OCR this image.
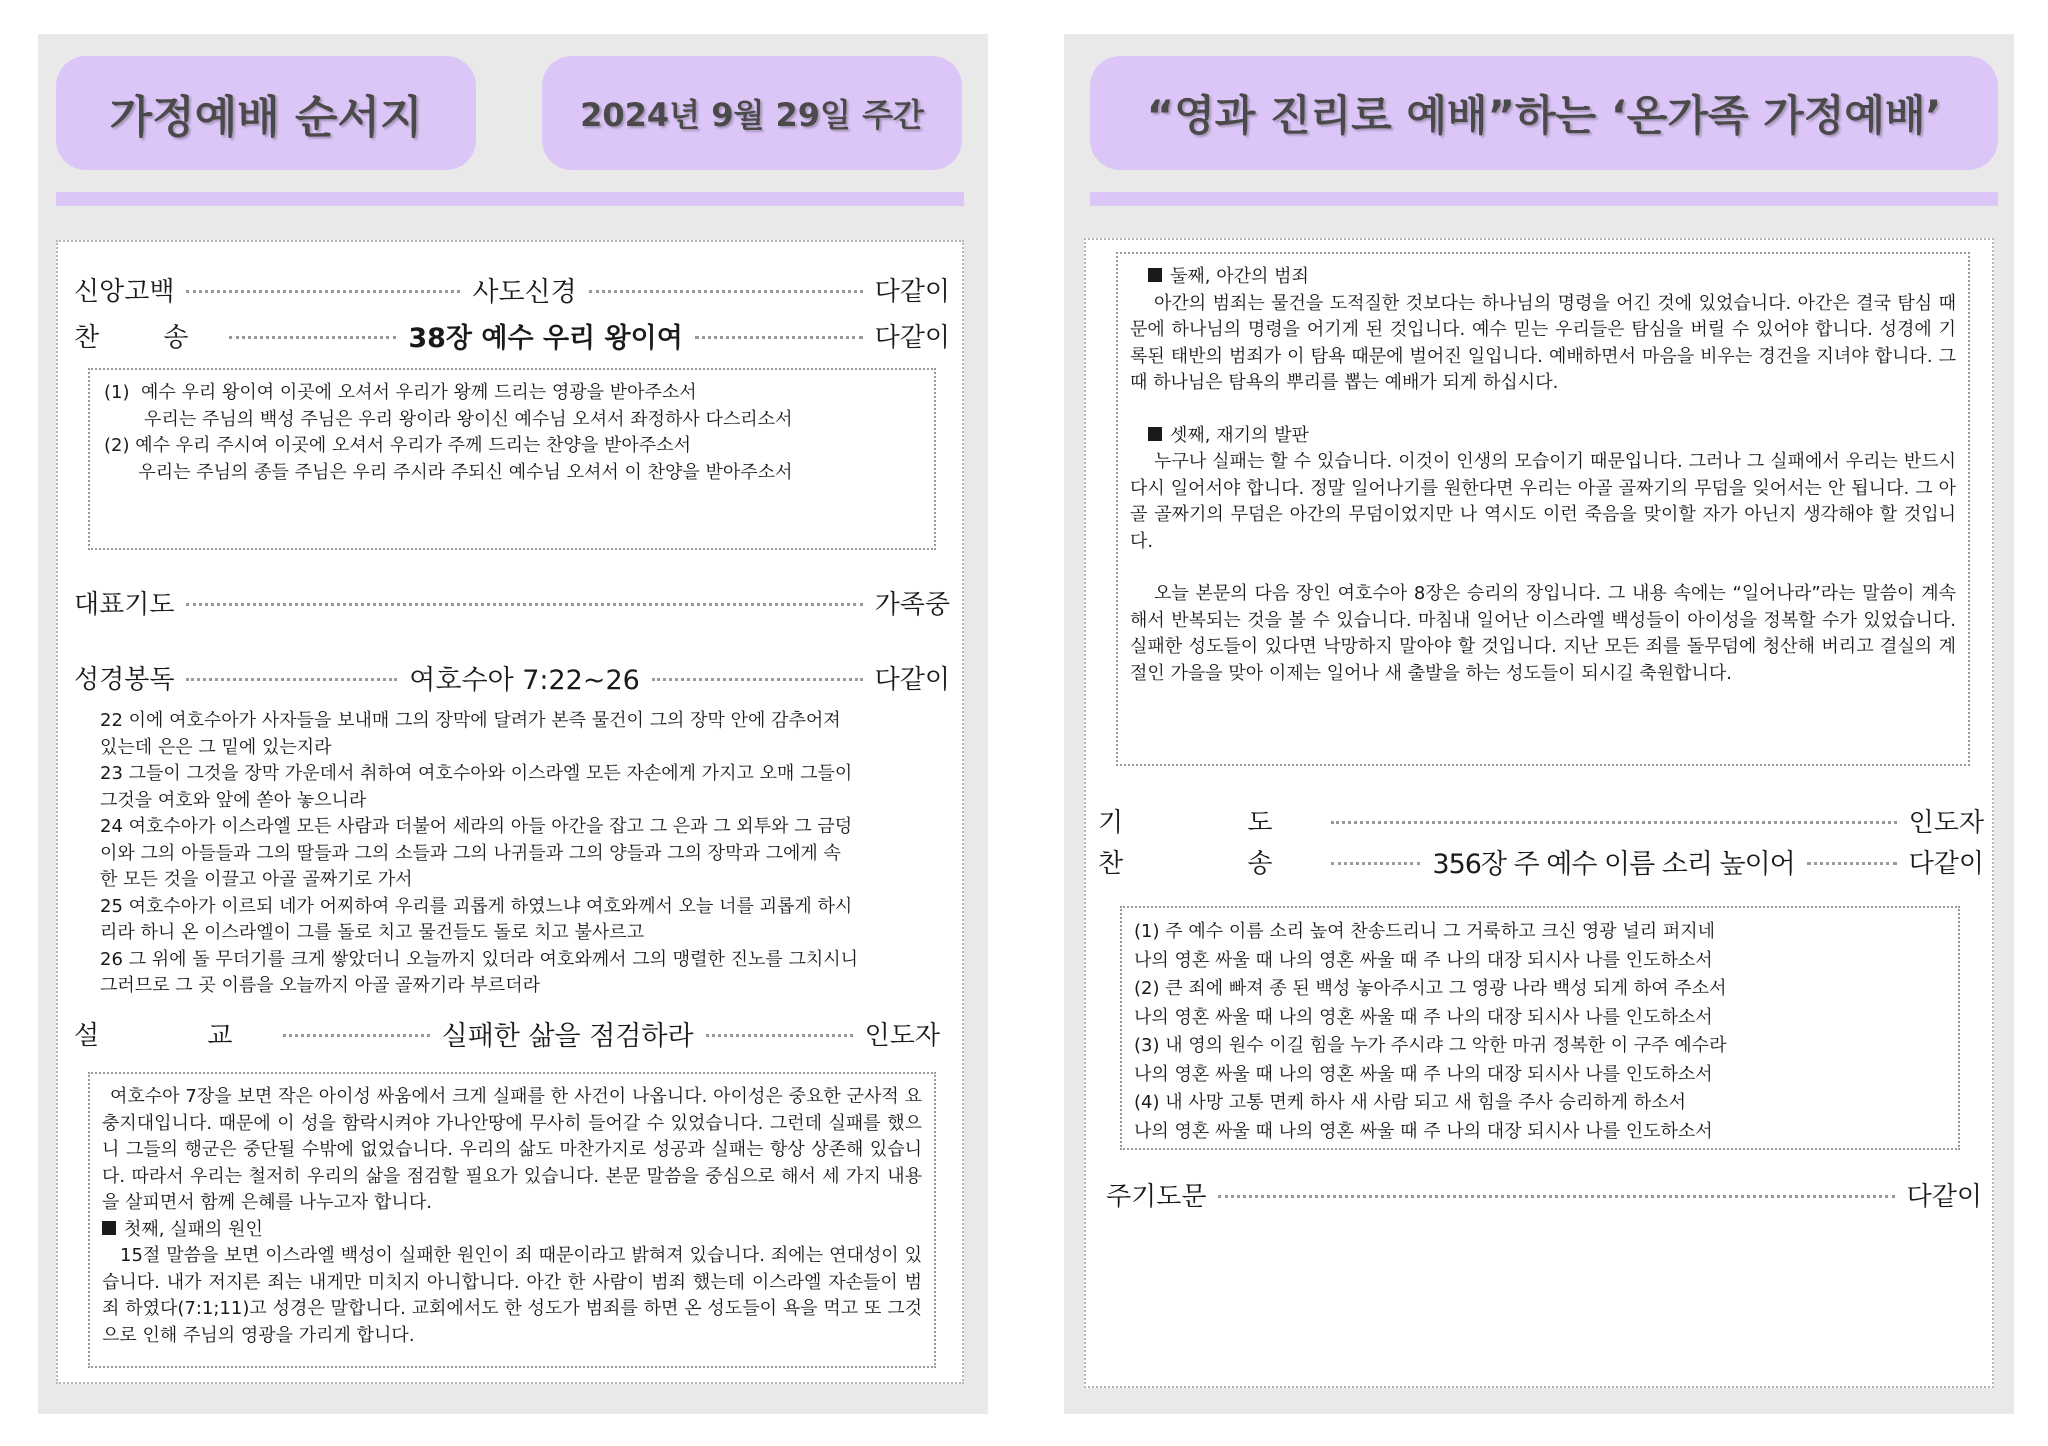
가정예배 순서지	2024년 9월 29일 주간
신앙고백	사도신경	다같이
찬 송	38장 예수 우리 왕이여	다같이
(1)  예수 우리 왕이여 이곳에 오셔서 우리가 왕께 드리는 영광을 받아주소서
우리는 주님의 백성 주님은 우리 왕이라 왕이신 예수님 오셔서 좌정하사 다스리소서
(2) 예수 우리 주시여 이곳에 오셔서 우리가 주께 드리는 찬양을 받아주소서
우리는 주님의 종들 주님은 우리 주시라 주되신 예수님 오셔서 이 찬양을 받아주소서
대표기도	가족중
성경봉독	여호수아 7:22~26	다같이
22 이에 여호수아가 사자들을 보내매 그의 장막에 달려가 본즉 물건이 그의 장막 안에 감추어져
있는데 은은 그 밑에 있는지라
23 그들이 그것을 장막 가운데서 취하여 여호수아와 이스라엘 모든 자손에게 가지고 오매 그들이
그것을 여호와 앞에 쏟아 놓으니라
24 여호수아가 이스라엘 모든 사람과 더불어 세라의 아들 아간을 잡고 그 은과 그 외투와 그 금덩
이와 그의 아들들과 그의 딸들과 그의 소들과 그의 나귀들과 그의 양들과 그의 장막과 그에게 속
한 모든 것을 이끌고 아골 골짜기로 가서
25 여호수아가 이르되 네가 어찌하여 우리를 괴롭게 하였느냐 여호와께서 오늘 너를 괴롭게 하시
리라 하니 온 이스라엘이 그를 돌로 치고 물건들도 돌로 치고 불사르고
26 그 위에 돌 무더기를 크게 쌓았더니 오늘까지 있더라 여호와께서 그의 맹렬한 진노를 그치시니
그러므로 그 곳 이름을 오늘까지 아골 골짜기라 부르더라
설 교	실패한 삶을 점검하라	인도자
여호수아 7장을 보면 작은 아이성 싸움에서 크게 실패를 한 사건이 나옵니다. 아이성은 중요한 군사적 요충지대입니다. 때문에 이 성을 함락시켜야 가나안땅에 무사히 들어갈 수 있었습니다. 그런데 실패를 했으니 그들의 행군은 중단될 수밖에 없었습니다. 우리의 삶도 마찬가지로 성공과 실패는 항상 상존해 있습니다. 따라서 우리는 철저히 우리의 삶을 점검할 필요가 있습니다. 본문 말씀을 중심으로 해서 세 가지 내용을 살피면서 함께 은혜를 나누고자 합니다.
첫째, 실패의 원인
15절 말씀을 보면 이스라엘 백성이 실패한 원인이 죄 때문이라고 밝혀져 있습니다. 죄에는 연대성이 있습니다. 내가 저지른 죄는 내게만 미치지 아니합니다. 아간 한 사람이 범죄 했는데 이스라엘 자손들이 범죄 하였다(7:1;11)고 성경은 말합니다. 교회에서도 한 성도가 범죄를 하면 온 성도들이 욕을 먹고 또 그것으로 인해 주님의 영광을 가리게 합니다.
“영과 진리로 예배”하는 ‘온가족 가정예배’
둘째, 아간의 범죄
아간의 범죄는 물건을 도적질한 것보다는 하나님의 명령을 어긴 것에 있었습니다. 아간은 결국 탐심 때문에 하나님의 명령을 어기게 된 것입니다. 예수 믿는 우리들은 탐심을 버릴 수 있어야 합니다. 성경에 기록된 태반의 범죄가 이 탐욕 때문에 벌어진 일입니다. 예배하면서 마음을 비우는 경건을 지녀야 합니다. 그때 하나님은 탐욕의 뿌리를 뽑는 예배가 되게 하십시다.
셋째, 재기의 발판
누구나 실패는 할 수 있습니다. 이것이 인생의 모습이기 때문입니다. 그러나 그 실패에서 우리는 반드시 다시 일어서야 합니다. 정말 일어나기를 원한다면 우리는 아골 골짜기의 무덤을 잊어서는 안 됩니다. 그 아골 골짜기의 무덤은 아간의 무덤이었지만 나 역시도 이런 죽음을 맞이할 자가 아닌지 생각해야 할 것입니다.
오늘 본문의 다음 장인 여호수아 8장은 승리의 장입니다. 그 내용 속에는 “일어나라”라는 말씀이 계속해서 반복되는 것을 볼 수 있습니다. 마침내 일어난 이스라엘 백성들이 아이성을 정복할 수가 있었습니다. 실패한 성도들이 있다면 낙망하지 말아야 할 것입니다. 지난 모든 죄를 돌무덤에 청산해 버리고 결실의 계절인 가을을 맞아 이제는 일어나 새 출발을 하는 성도들이 되시길 축원합니다.
기 도	인도자
찬 송	356장 주 예수 이름 소리 높이어	다같이
(1) 주 예수 이름 소리 높여 찬송드리니 그 거룩하고 크신 영광 널리 퍼지네
나의 영혼 싸울 때 나의 영혼 싸울 때 주 나의 대장 되시사 나를 인도하소서
(2) 큰 죄에 빠져 종 된 백성 놓아주시고 그 영광 나라 백성 되게 하여 주소서
나의 영혼 싸울 때 나의 영혼 싸울 때 주 나의 대장 되시사 나를 인도하소서
(3) 내 영의 원수 이길 힘을 누가 주시랴 그 악한 마귀 정복한 이 구주 예수라
나의 영혼 싸울 때 나의 영혼 싸울 때 주 나의 대장 되시사 나를 인도하소서
(4) 내 사망 고통 면케 하사 새 사람 되고 새 힘을 주사 승리하게 하소서
나의 영혼 싸울 때 나의 영혼 싸울 때 주 나의 대장 되시사 나를 인도하소서
주기도문	다같이
